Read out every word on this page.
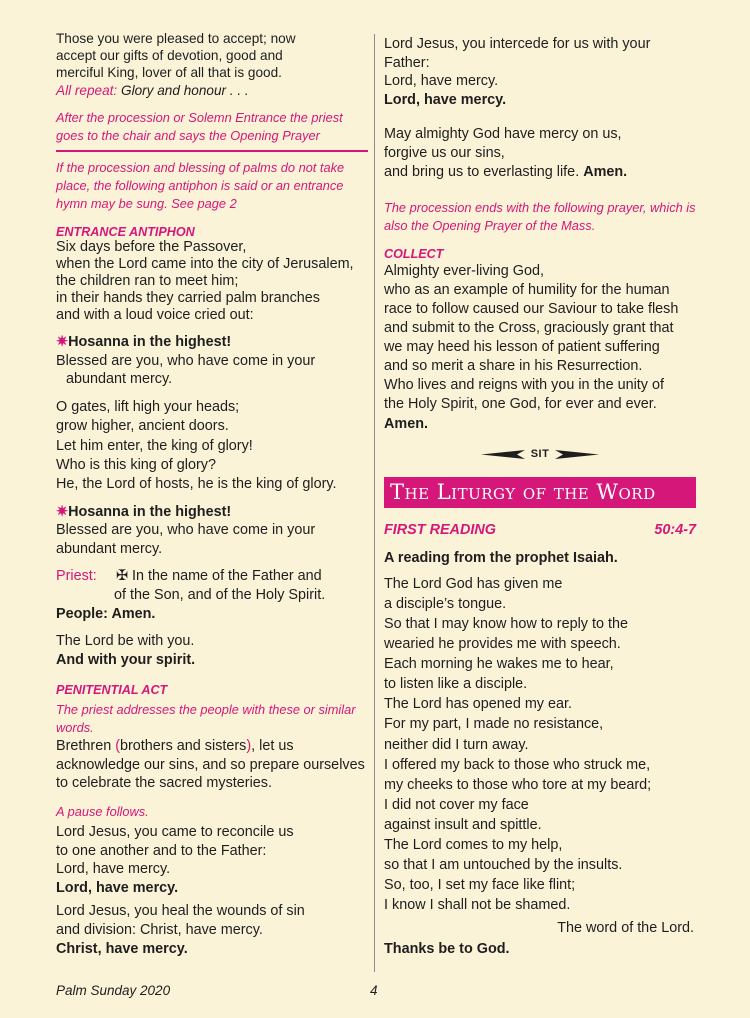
Those you were pleased to accept; now

accept our gifts of devotion, good and

merciful King, lover of all that is good.

All repeat: Glory and honour . . .

After the procession or Solemn Entrance the priest goes to the chair and says the Opening Prayer

If the procession and blessing of palms do not take place, the following antiphon is said or an entrance hymn may be sung. See page 2

ENTRANCE ANTIPHON

Six days before the Passover,

when the Lord came into the city of Jerusalem,

the children ran to meet him;

in their hands they carried palm branches

and with a loud voice cried out:

✷Hosanna in the highest!

Blessed are you, who have come in your

abundant mercy.

O gates, lift high your heads;

grow higher, ancient doors.

Let him enter, the king of glory!

Who is this king of glory?

He, the Lord of hosts, he is the king of glory.

✷Hosanna in the highest!

Blessed are you, who have come in your abundant mercy.

Priest:	✠ In the name of the Father and

of the Son, and of the Holy Spirit.

People: Amen.

The Lord be with you.

And with your spirit.

PENITENTIAL ACT

The priest addresses the people with these or similar words.

Brethren (brothers and sisters), let us acknowledge our sins, and so prepare ourselves to celebrate the sacred mysteries.

A pause follows.

Lord Jesus, you came to reconcile us

to one another and to the Father:

Lord, have mercy.

Lord, have mercy.

Lord Jesus, you heal the wounds of sin

and division: Christ, have mercy.

Christ, have mercy.

Lord Jesus, you intercede for us with your

Father:

Lord, have mercy.

Lord, have mercy.

May almighty God have mercy on us,

forgive us our sins,

and bring us to everlasting life. Amen.

The procession ends with the following prayer, which is also the Opening Prayer of the Mass.

COLLECT

Almighty ever-living God,

who as an example of humility for the human

race to follow caused our Saviour to take flesh

and submit to the Cross, graciously grant that

we may heed his lesson of patient suffering

and so merit a share in his Resurrection.

Who lives and reigns with you in the unity of

the Holy Spirit, one God, for ever and ever.

Amen.

SIT
The Liturgy of the Word
FIRST READING	50:4-7

A reading from the prophet Isaiah.

The Lord God has given me

a disciple’s tongue.

So that I may know how to reply to the

wearied he provides me with speech.

Each morning he wakes me to hear,

to listen like a disciple.

The Lord has opened my ear.

For my part, I made no resistance,

neither did I turn away.

I offered my back to those who struck me,

my cheeks to those who tore at my beard;

I did not cover my face

against insult and spittle.

The Lord comes to my help,

so that I am untouched by the insults.

So, too, I set my face like flint;

I know I shall not be shamed.

The word of the Lord.

Thanks be to God.

Palm Sunday 2020	4
